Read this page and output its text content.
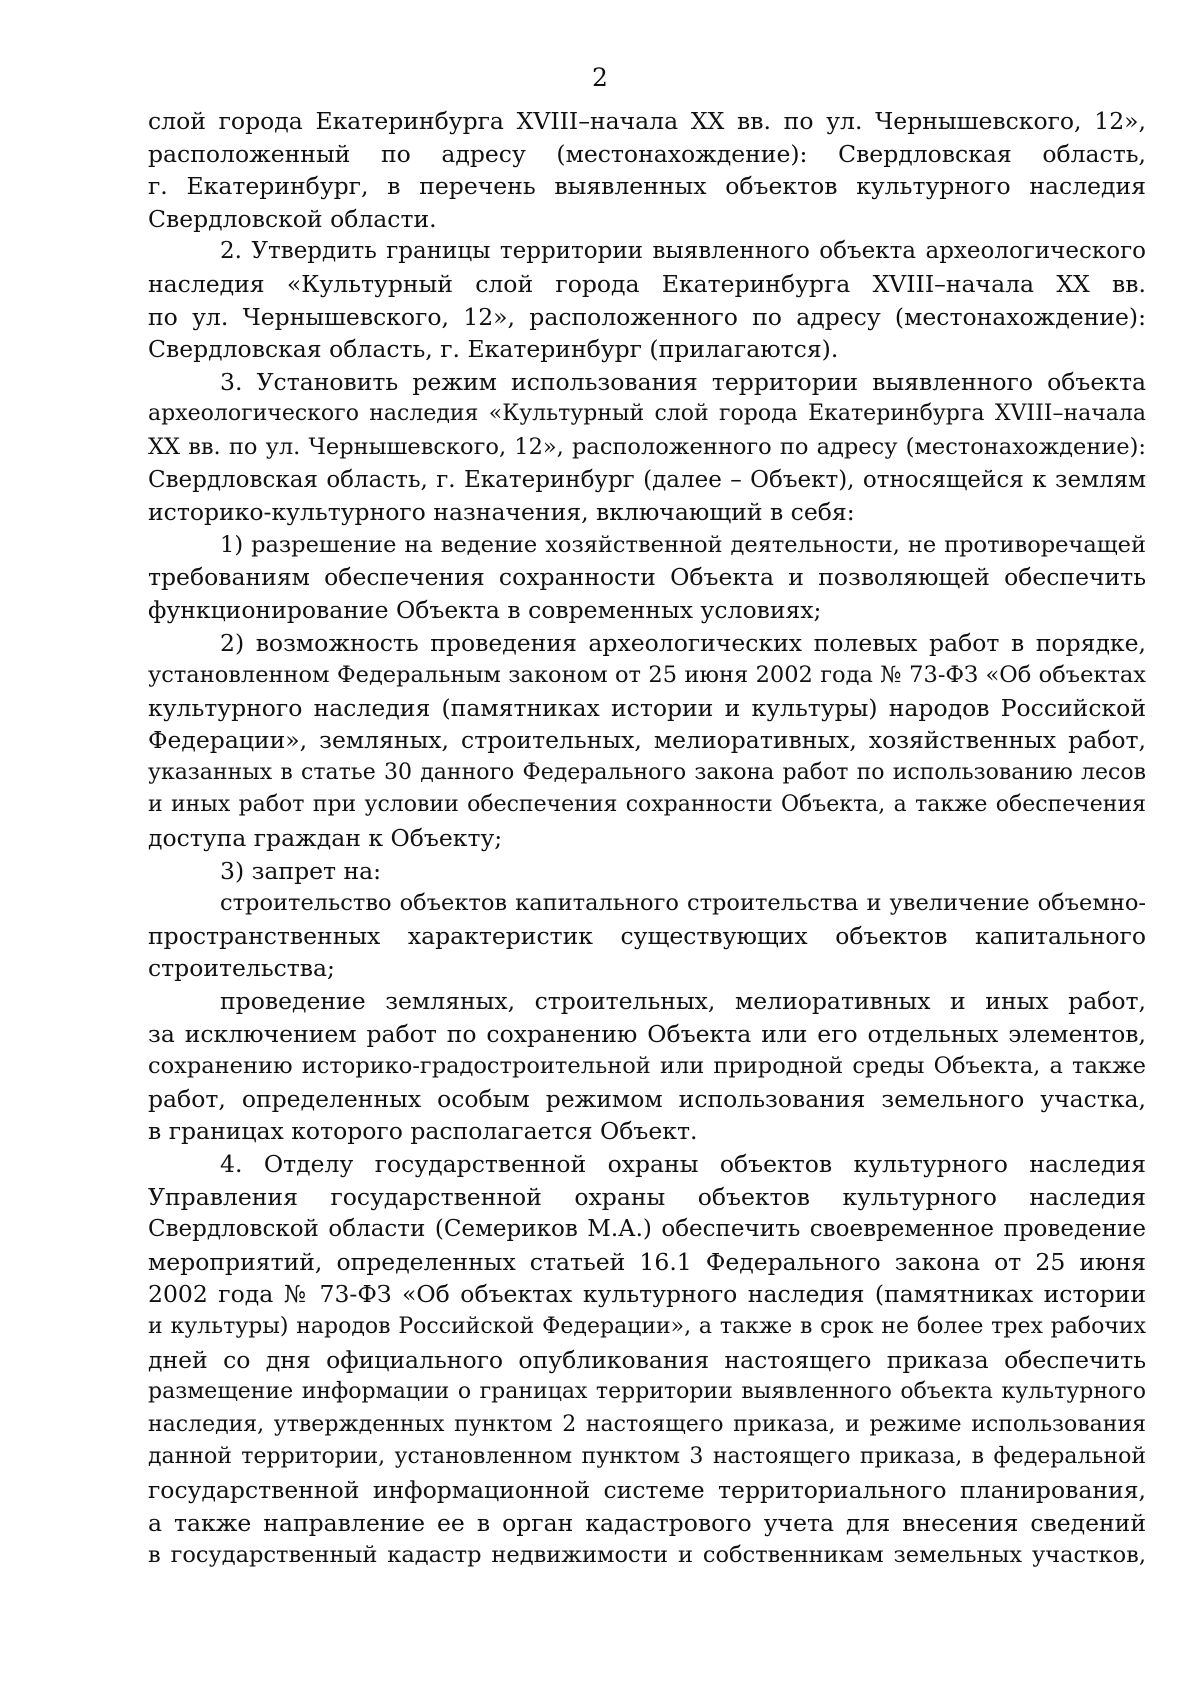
2
слой города Екатеринбурга XVIII–начала XX вв. по ул. Чернышевского, 12»,
расположенный по адресу (местонахождение): Свердловская область,
г. Екатеринбург, в перечень выявленных объектов культурного наследия
Свердловской области.
2. Утвердить границы территории выявленного объекта археологического
наследия «Культурный слой города Екатеринбурга XVIII–начала XX вв.
по ул. Чернышевского, 12», расположенного по адресу (местонахождение):
Свердловская область, г. Екатеринбург (прилагаются).
3. Установить режим использования территории выявленного объекта
археологического наследия «Культурный слой города Екатеринбурга XVIII–начала
XX вв. по ул. Чернышевского, 12», расположенного по адресу (местонахождение):
Свердловская область, г. Екатеринбург (далее – Объект), относящейся к землям
историко-культурного назначения, включающий в себя:
1) разрешение на ведение хозяйственной деятельности, не противоречащей
требованиям обеспечения сохранности Объекта и позволяющей обеспечить
функционирование Объекта в современных условиях;
2) возможность проведения археологических полевых работ в порядке,
установленном Федеральным законом от 25 июня 2002 года № 73-ФЗ «Об объектах
культурного наследия (памятниках истории и культуры) народов Российской
Федерации», земляных, строительных, мелиоративных, хозяйственных работ,
указанных в статье 30 данного Федерального закона работ по использованию лесов
и иных работ при условии обеспечения сохранности Объекта, а также обеспечения
доступа граждан к Объекту;
3) запрет на:
строительство объектов капитального строительства и увеличение объемно-
пространственных характеристик существующих объектов капитального
строительства;
проведение земляных, строительных, мелиоративных и иных работ,
за исключением работ по сохранению Объекта или его отдельных элементов,
сохранению историко-градостроительной или природной среды Объекта, а также
работ, определенных особым режимом использования земельного участка,
в границах которого располагается Объект.
4. Отделу государственной охраны объектов культурного наследия
Управления государственной охраны объектов культурного наследия
Свердловской области (Семериков М.А.) обеспечить своевременное проведение
мероприятий, определенных статьей 16.1 Федерального закона от 25 июня
2002 года № 73-ФЗ «Об объектах культурного наследия (памятниках истории
и культуры) народов Российской Федерации», а также в срок не более трех рабочих
дней со дня официального опубликования настоящего приказа обеспечить
размещение информации о границах территории выявленного объекта культурного
наследия, утвержденных пунктом 2 настоящего приказа, и режиме использования
данной территории, установленном пунктом 3 настоящего приказа, в федеральной
государственной информационной системе территориального планирования,
а также направление ее в орган кадастрового учета для внесения сведений
в государственный кадастр недвижимости и собственникам земельных участков,
